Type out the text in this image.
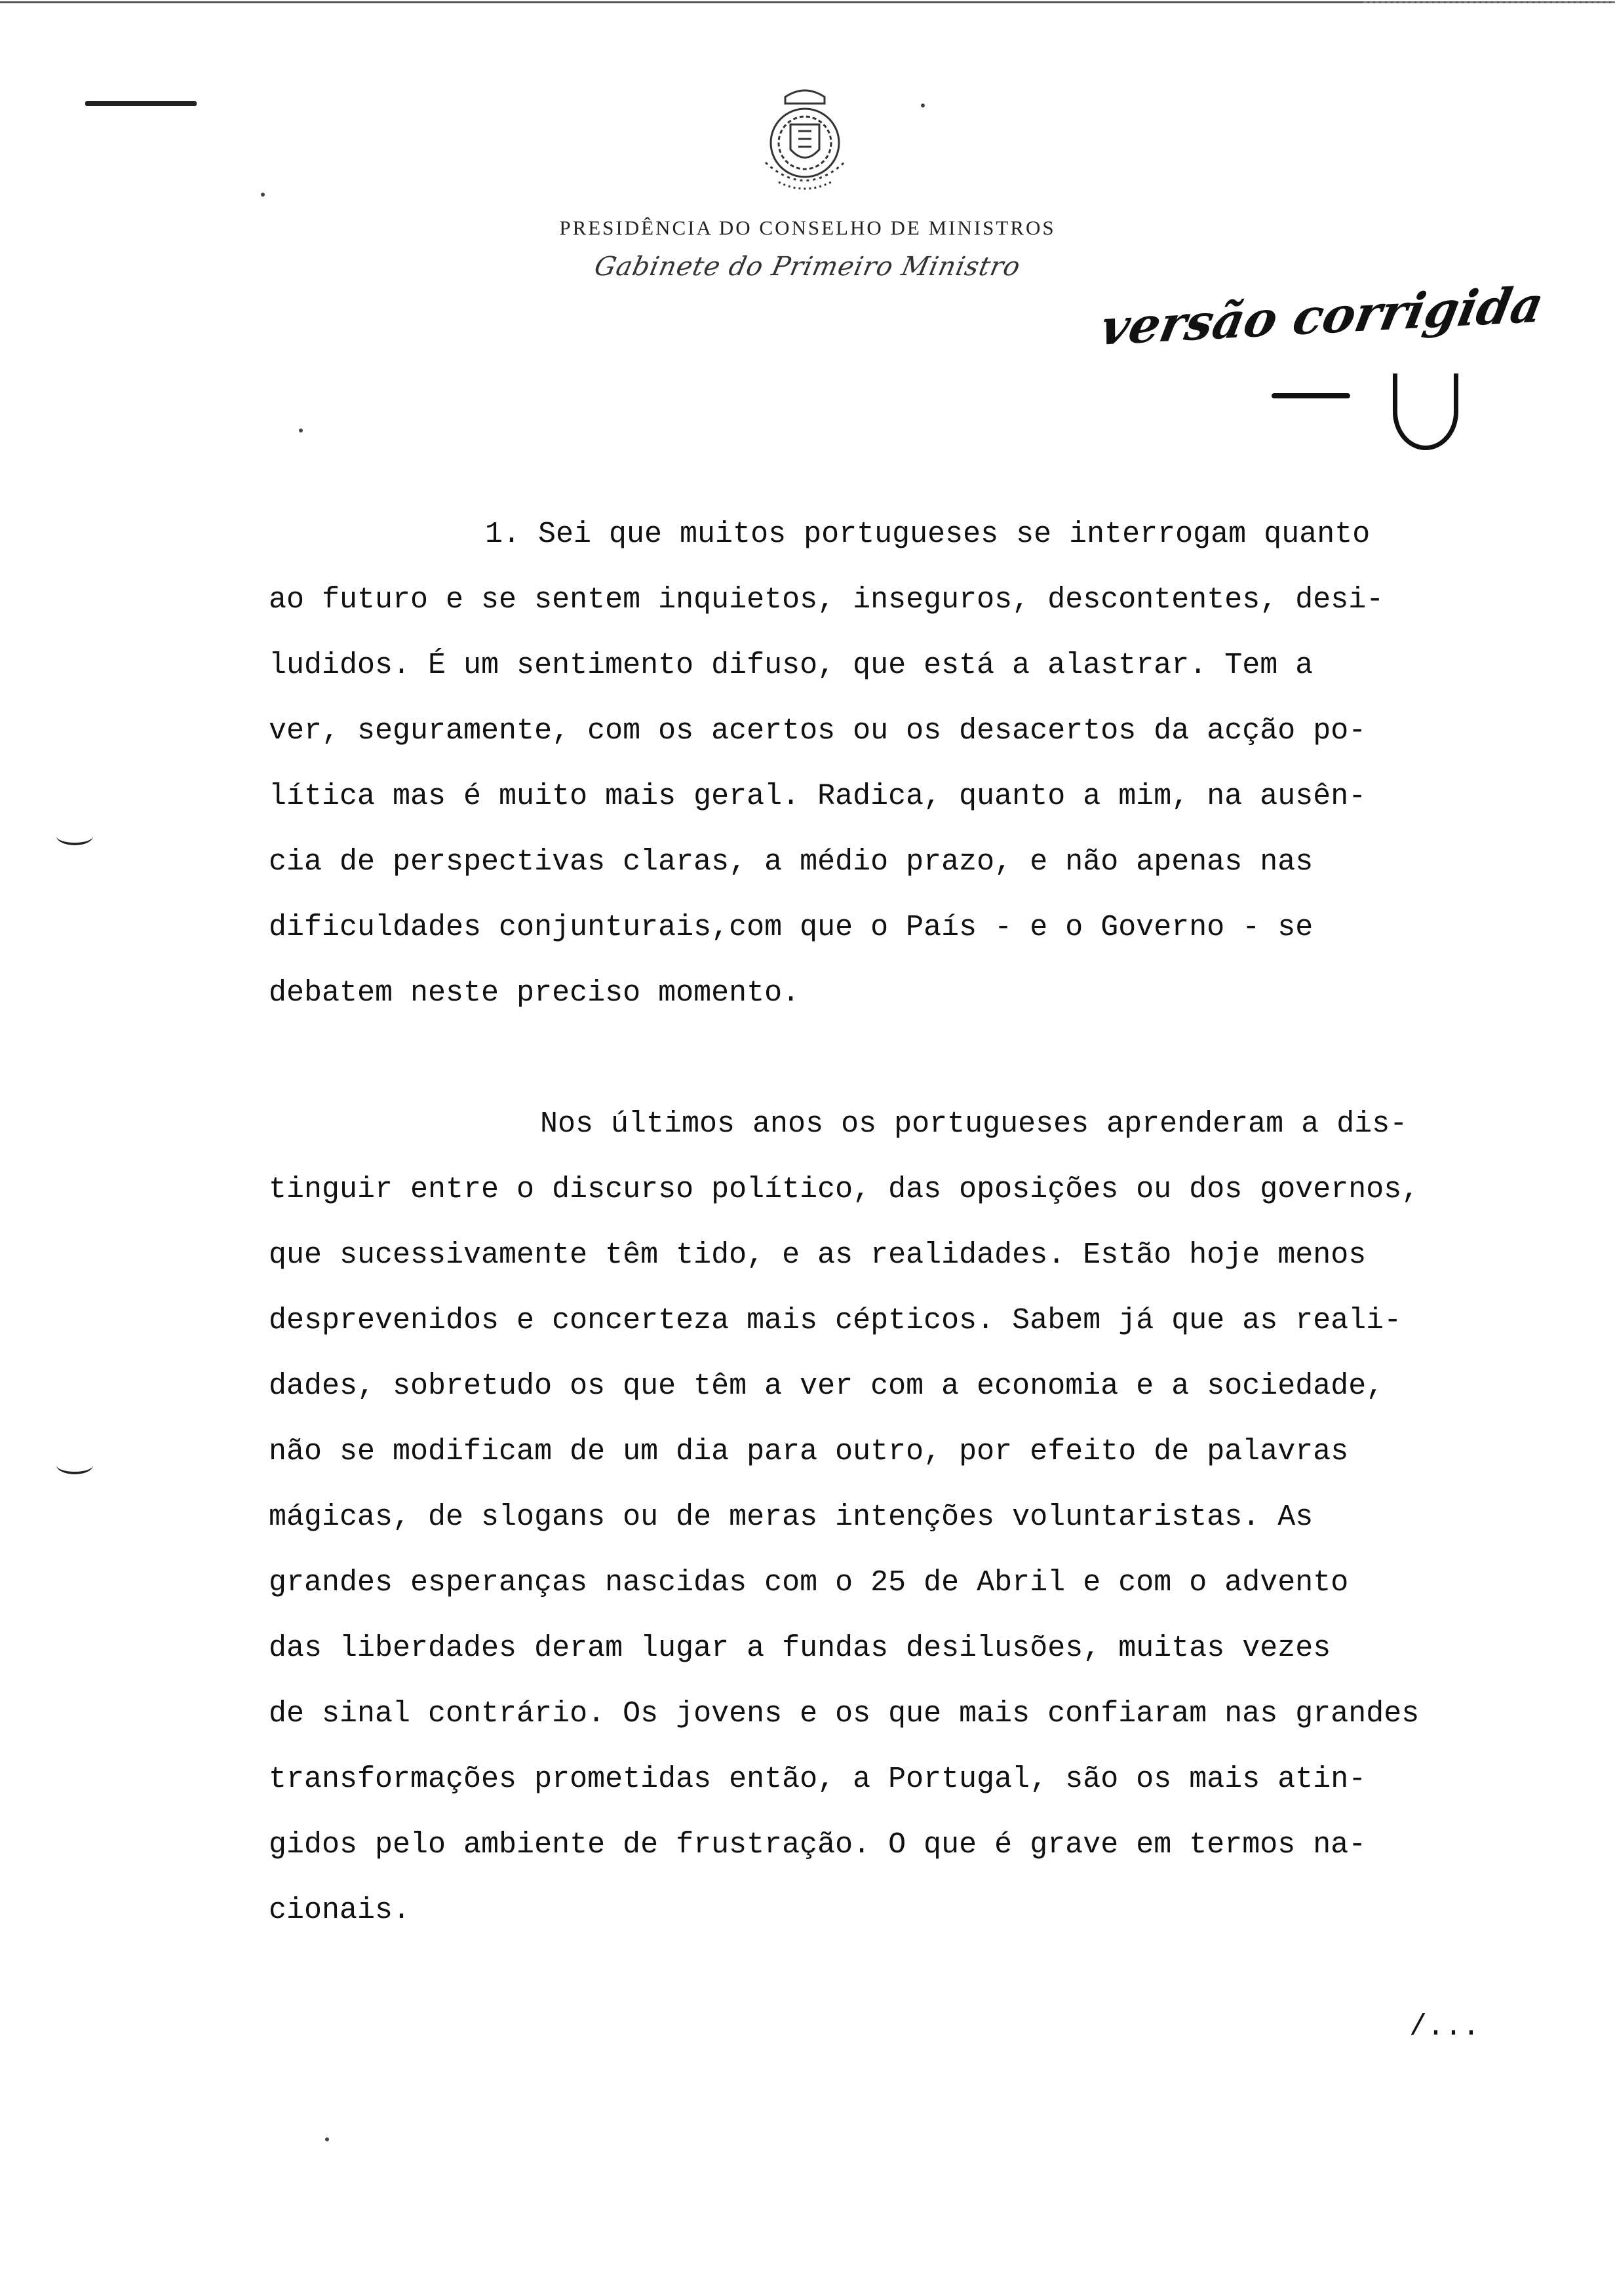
PRESIDÊNCIA DO CONSELHO DE MINISTROS
Gabinete do Primeiro Ministro
versão corrigida
1. Sei que muitos portugueses se interrogam quanto
ao futuro e se sentem inquietos, inseguros, descontentes, desi-
ludidos. É um sentimento difuso, que está a alastrar. Tem a
ver, seguramente, com os acertos ou os desacertos da acção po-
lítica mas é muito mais geral. Radica, quanto a mim, na ausên-
cia de perspectivas claras, a médio prazo, e não apenas nas
dificuldades conjunturais,com que o País - e o Governo - se
debatem neste preciso momento.
Nos últimos anos os portugueses aprenderam a dis-
tinguir entre o discurso político, das oposições ou dos governos,
que sucessivamente têm tido, e as realidades. Estão hoje menos
desprevenidos e concerteza mais cépticos. Sabem já que as reali-
dades, sobretudo os que têm a ver com a economia e a sociedade,
não se modificam de um dia para outro, por efeito de palavras
mágicas, de slogans ou de meras intenções voluntaristas. As
grandes esperanças nascidas com o 25 de Abril e com o advento
das liberdades deram lugar a fundas desilusões, muitas vezes
de sinal contrário. Os jovens e os que mais confiaram nas grandes
transformações prometidas então, a Portugal, são os mais atin-
gidos pelo ambiente de frustração. O que é grave em termos na-
cionais.
/...
